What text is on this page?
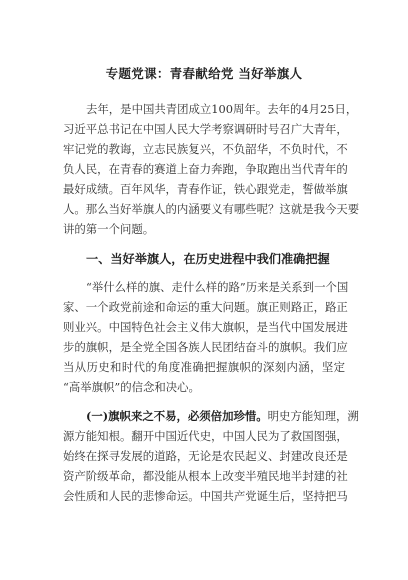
专题党课：青春献给党 当好举旗人
去年，是中国共青团成立100周年。去年的4月25日，
习近平总书记在中国人民大学考察调研时号召广大青年，
牢记党的教诲，立志民族复兴，不负韶华，不负时代，不
负人民，在青春的赛道上奋力奔跑，争取跑出当代青年的
最好成绩。百年风华，青春作证，铁心跟党走，誓做举旗
人。那么当好举旗人的内涵要义有哪些呢？这就是我今天要
讲的第一个问题。
一、当好举旗人，在历史进程中我们准确把握
“举什么样的旗、走什么样的路”历来是关系到一个国
家、一个政党前途和命运的重大问题。旗正则路正，路正
则业兴。中国特色社会主义伟大旗帜，是当代中国发展进
步的旗帜，是全党全国各族人民团结奋斗的旗帜。我们应
当从历史和时代的角度准确把握旗帜的深刻内涵，坚定
“高举旗帜”的信念和决心。
(一)旗帜来之不易，必须倍加珍惜。明史方能知理，溯
源方能知根。翻开中国近代史，中国人民为了救国图强，
始终在探寻发展的道路，无论是农民起义、封建改良还是
资产阶级革命，都没能从根本上改变半殖民地半封建的社
会性质和人民的悲惨命运。中国共产党诞生后，坚持把马
